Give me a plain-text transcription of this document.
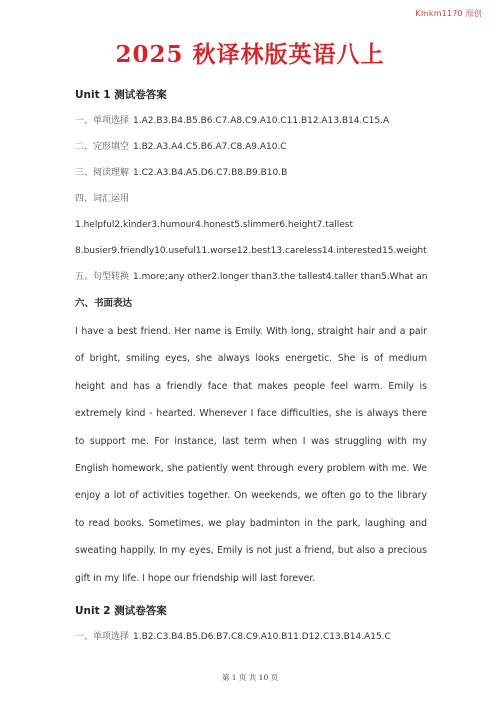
Kmkm1170 原创
2025 秋译林版英语八上
Unit 1 测试卷答案
一、单项选择 1.A2.B3.B4.B5.B6.C7.A8.C9.A10.C11.B12.A13.B14.C15.A
二、完形填空 1.B2.A3.A4.C5.B6.A7.C8.A9.A10.C
三、阅读理解 1.C2.A3.B4.A5.D6.C7.B8.B9.B10.B
四、词汇运用
1.helpful2.kinder3.humour4.honest5.slimmer6.height7.tallest
8.busier9.friendly10.useful11.worse12.best13.careless14.interested15.weight
五、句型转换 1.more;any other2.longer than3.the tallest4.taller than5.What an
六、书面表达

I have a best friend. Her name is Emily. With long, straight hair and a pair of bright, smiling eyes, she always looks energetic. She is of medium height and has a friendly face that makes people feel warm. Emily is extremely kind - hearted. Whenever I face difficulties, she is always there to support me. For instance, last term when I was struggling with my English homework, she patiently went through every problem with me. We enjoy a lot of activities together. On weekends, we often go to the library to read books. Sometimes, we play badminton in the park, laughing and sweating happily. In my eyes, Emily is not just a friend, but also a precious gift in my life. I hope our friendship will last forever.

Unit 2 测试卷答案
一、单项选择 1.B2.C3.B4.B5.D6.B7.C8.C9.A10.B11.D12.C13.B14.A15.C
第 1 页 共 10 页
